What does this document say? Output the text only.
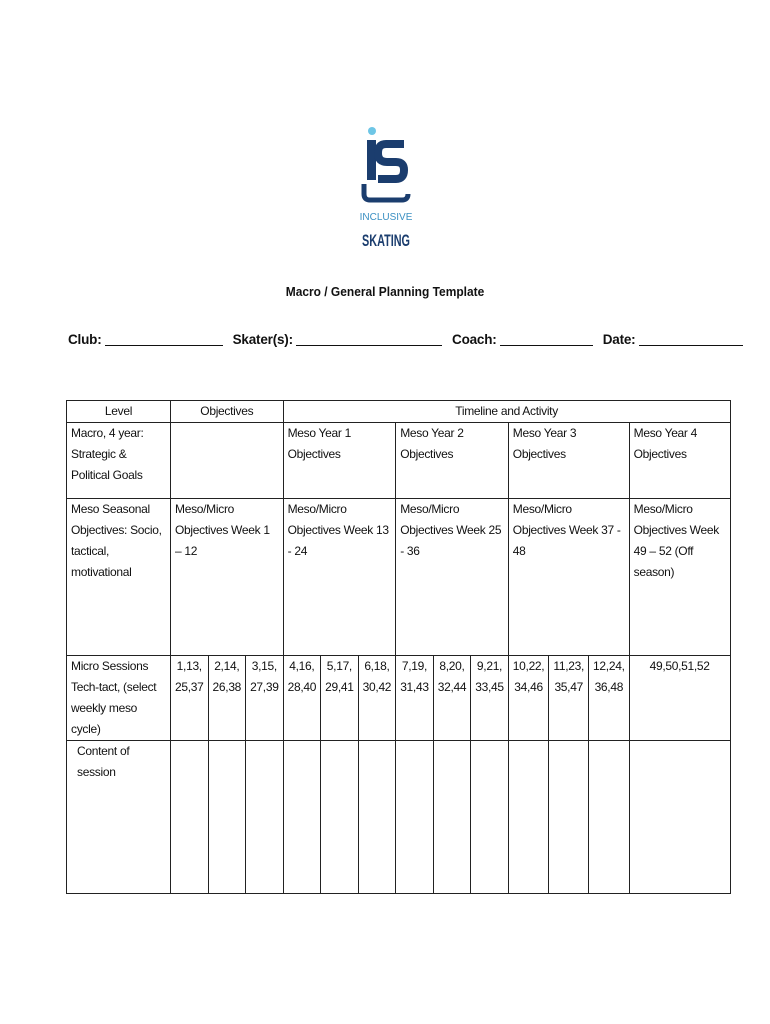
TM
INCLUSIVE
SKATING
Macro / General Planning Template
Club:	Skater(s):	Coach:	Date:
Level	Objectives			Timeline and Activity									
Macro, 4 year: Strategic & Political Goals				Meso Year 1 Objectives			Meso Year 2 Objectives			Meso Year 3 Objectives			Meso Year 4 Objectives
Meso Seasonal Objectives: Socio, tactical, motivational	Meso/Micro Objectives Week 1 – 12			Meso/Micro Objectives Week 13 - 24			Meso/Micro Objectives Week 25 - 36			Meso/Micro Objectives Week 37 - 48			Meso/Micro Objectives Week 49 – 52 (Off season)
Micro Sessions Tech-tact, (select weekly meso cycle)	1,13, 25,37	2,14, 26,38	3,15, 27,39	4,16, 28,40	5,17, 29,41	6,18, 30,42	7,19, 31,43	8,20, 32,44	9,21, 33,45	10,22, 34,46	11,23, 35,47	12,24, 36,48	49,50,51,52

Content of session													
